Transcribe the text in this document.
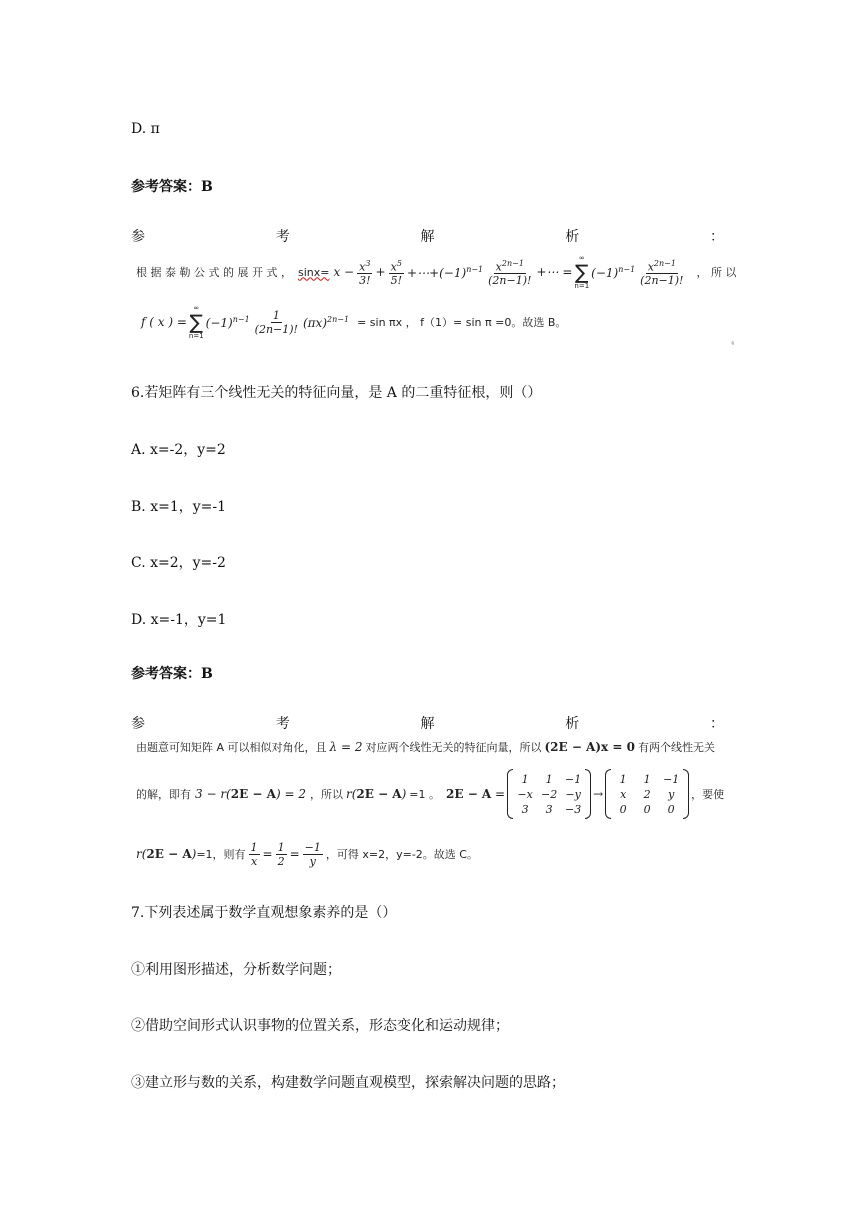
D. π
参考答案：B
参	考	解	析	：
根 据 泰 勒 公 式 的 展 开 式 ， $\sin x= x - \frac{x^3}{3!} + \frac{x^5}{5!}$ $+\cdots+(-1)^{n-1} \frac{x^{2n-1}}{(2n-1)!}$ +⋯ =
∞
∑
n=1
$(-1)^{n-1} \frac{x^{2n-1}}{(2n-1)!}$ ， 所 以
f ( x ) =
∞
∑
n=1
$(-1)^{n-1} \frac{1}{(2n-1)!} (\pi x)^{2n-1} = \sin \pi x$ ， f（1）= sin π =0。故选 B。
⁴
6.若矩阵有三个线性无关的特征向量，是 A 的二重特征根，则（）
A. x=-2，y=2
B. x=1，y=-1
C. x=2，y=-2
D. x=-1，y=1
参考答案：B
参	考	解	析	：
由题意可知矩阵 A 可以相似对角化，且 λ = 2 对应两个线性无关的特征向量，所以 (2E − A)x = 0 有两个线性无关
的解，即有 3 − r(2E − A) = 2 ，所以 r(2E − A) =1 。 2E − A =
1	1	−1
−x −2 −y
3	3	−3
→
1	1	−1
x	2	y
0	0	0
，要使
r(2E − A) =1，则有 $\frac{1}{x} = \frac{1}{2} = \frac{-1}{y}$ ，可得 x=2，y=-2。故选 C。
7.下列表述属于数学直观想象素养的是（）
①利用图形描述，分析数学问题；
②借助空间形式认识事物的位置关系，形态变化和运动规律；
③建立形与数的关系，构建数学问题直观模型，探索解决问题的思路；
